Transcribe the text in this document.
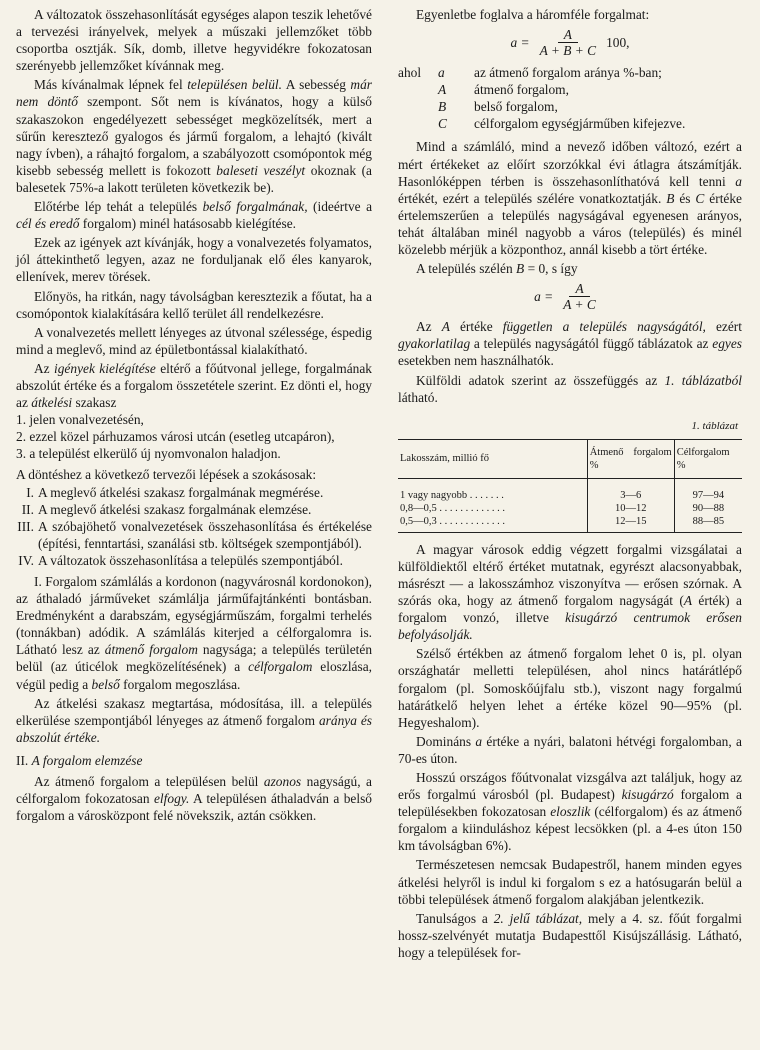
A változatok összehasonlítását egységes alapon teszik lehetővé a tervezési irányelvek, melyek a műszaki jellemzőket több csoportba osztják. Sík, domb, illetve hegyvidékre fokozatosan szerényebb jellemzőket kívánnak meg.

Más kívánalmak lépnek fel településen belül. A sebesség már nem döntő szempont. Sőt nem is kívánatos, hogy a külső szakaszokon engedélyezett sebességet megközelítsék, mert a sűrűn keresztező gyalogos és jármű forgalom, a lehajtó (kivált nagy ívben), a ráhajtó forgalom, a szabályozott csomópontok még kisebb sebesség mellett is fokozott baleseti veszélyt okoznak (a balesetek 75%-a lakott területen következik be).

Előtérbe lép tehát a település belső forgalmának, (ideértve a cél és eredő forgalom) minél hatásosabb kielégítése.

Ezek az igények azt kívánják, hogy a vonalvezetés folyamatos, jól áttekinthető legyen, azaz ne forduljanak elő éles kanyarok, ellenívek, merev törések.

Előnyös, ha ritkán, nagy távolságban keresztezik a főutat, ha a csomópontok kialakítására kellő terület áll rendelkezésre.

A vonalvezetés mellett lényeges az útvonal szélessége, éspedig mind a meglevő, mind az épületbontással kialakítható.

Az igények kielégítése eltérő a főútvonal jellege, forgalmának abszolút értéke és a forgalom összetétele szerint. Ez dönti el, hogy az átkelési szakasz

1. jelen vonalvezetésén,
2. ezzel közel párhuzamos városi utcán (esetleg utcapáron),
3. a települést elkerülő új nyomvonalon haladjon.

A döntéshez a következő tervezői lépések a szokásosak:

I. A meglevő átkelési szakasz forgalmának megmérése.
II. A meglevő átkelési szakasz forgalmának elemzése.
III. A szóbajöhető vonalvezetések összehasonlítása és értékelése (építési, fenntartási, szanálási stb. költségek szempontjából).
IV. A változatok összehasonlítása a település szempontjából.

I. Forgalom számlálás a kordonon (nagyvárosnál kordonokon), az áthaladó járműveket számlálja járműfajtánkénti bontásban. Eredményként a darabszám, egységjárműszám, forgalmi terhelés (tonnákban) adódik. A számlálás kiterjed a célforgalomra is. Látható lesz az átmenő forgalom nagysága; a település területén belül (az úticélok megközelítésének) a célforgalom eloszlása, végül pedig a belső forgalom megoszlása.

Az átkelési szakasz megtartása, módosítása, ill. a település elkerülése szempontjából lényeges az átmenő forgalom aránya és abszolút értéke.

II. A forgalom elemzése

Az átmenő forgalom a településen belül azonos nagyságú, a célforgalom fokozatosan elfogy. A településen áthaladván a belső forgalom a városközpont felé növekszik, aztán csökken.

Egyenletbe foglalva a háromféle forgalmat:

$a = \frac{A}{A + B + C} 100$,
ahol	a	az átmenő forgalom aránya %-ban;
A	átmenő forgalom,
B	belső forgalom,
C	célforgalom egységjárműben kifejezve.

Mind a számláló, mind a nevező időben változó, ezért a mért értékeket az előírt szorzókkal évi átlagra átszámítják. Hasonlóképpen térben is összehasonlíthatóvá kell tenni a értékét, ezért a település szélére vonatkoztatják. B és C értéke értelemszerűen a település nagyságával egyenesen arányos, tehát általában minél nagyobb a város (település) és minél közelebb mérjük a központhoz, annál kisebb a tört értéke.

A település szélén B = 0, s így

$a = \frac{A}{A + C}$

Az A értéke független a település nagyságától, ezért gyakorlatilag a település nagyságától függő táblázatok az egyes esetekben nem használhatók.

Külföldi adatok szerint az összefüggés az 1. táblázatból látható.

1. táblázat
Lakosszám, millió fő	Átmenő forgalom %	Célforgalom %
1 vagy nagyobb . . . . . . .	3—6	97—94
0,8—0,5 . . . . . . . . . . . . .	10—12	90—88
0,5—0,3 . . . . . . . . . . . . .	12—15	88—85

A magyar városok eddig végzett forgalmi vizsgálatai a külföldiektől eltérő értéket mutatnak, egyrészt alacsonyabbak, másrészt — a lakosszámhoz viszonyítva — erősen szórnak. A szórás oka, hogy az átmenő forgalom nagyságát (A érték) a forgalom vonzó, illetve kisugárzó centrumok erősen befolyásolják.

Szélső értékben az átmenő forgalom lehet 0 is, pl. olyan országhatár melletti településen, ahol nincs határátlépő forgalom (pl. Somoskőújfalu stb.), viszont nagy forgalmú határátkelő helyen lehet a értéke közel 90—95% (pl. Hegyeshalom).

Domináns a értéke a nyári, balatoni hétvégi forgalomban, a 70-es úton.

Hosszú országos főútvonalat vizsgálva azt találjuk, hogy az erős forgalmú városból (pl. Budapest) kisugárzó forgalom a településekben fokozatosan eloszlik (célforgalom) és az átmenő forgalom a kiinduláshoz képest lecsökken (pl. a 4-es úton 150 km távolságban 6%).

Természetesen nemcsak Budapestről, hanem minden egyes átkelési helyről is indul ki forgalom s ez a hatósugarán belül a többi települések átmenő forgalom alakjában jelentkezik.

Tanulságos a 2. jelű táblázat, mely a 4. sz. főút forgalmi hossz-szelvényét mutatja Budapesttől Kisújszállásig. Látható, hogy a települések for-
